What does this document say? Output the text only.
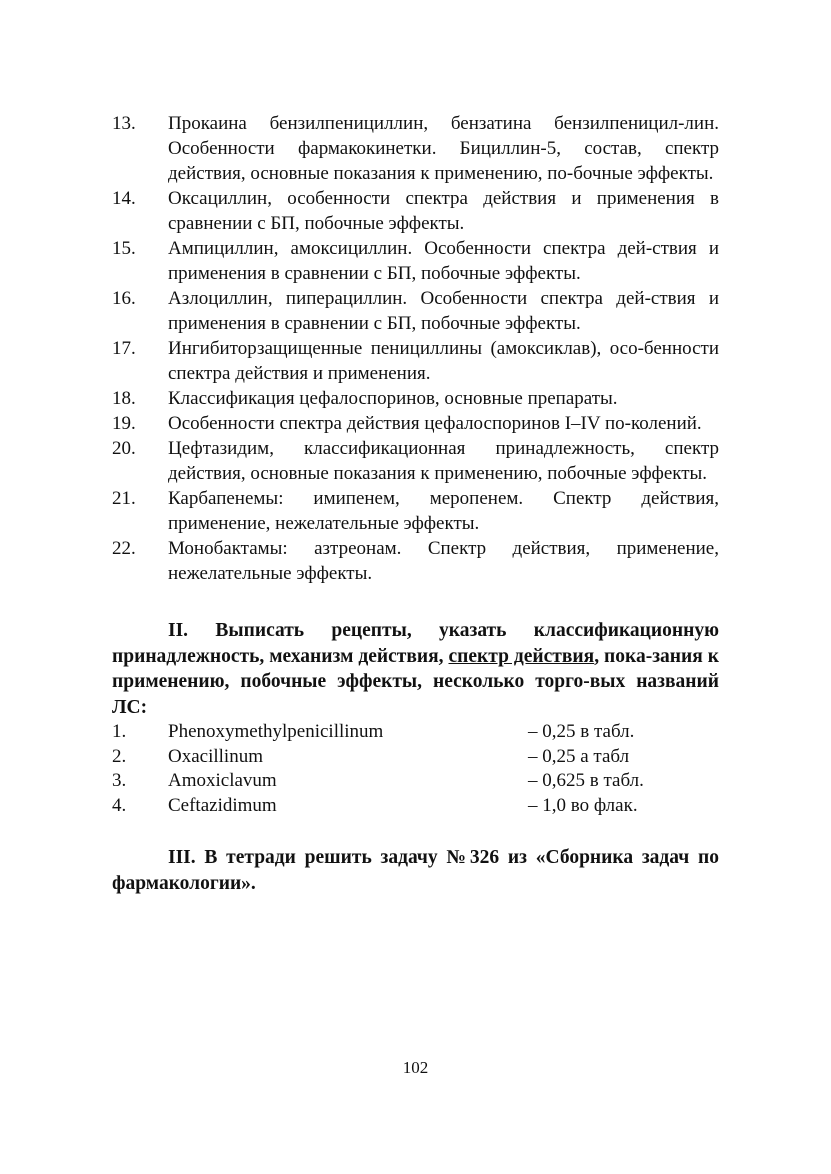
13.	Прокаина бензилпенициллин, бензатина бензилпеницил-лин. Особенности фармакокинетки. Бициллин-5, состав, спектр действия, основные показания к применению, по-бочные эффекты.
14.	Оксациллин, особенности спектра действия и применения в сравнении с БП, побочные эффекты.
15.	Ампициллин, амоксициллин. Особенности спектра дей-ствия и применения в сравнении с БП, побочные эффекты.
16.	Азлоциллин, пиперациллин. Особенности спектра дей-ствия и применения в сравнении с БП, побочные эффекты.
17.	Ингибиторзащищенные пенициллины (амоксиклав), осо-бенности спектра действия и применения.
18.	Классификация цефалоспоринов, основные препараты.
19.	Особенности спектра действия цефалоспоринов I–IV по-колений.
20.	Цефтазидим, классификационная принадлежность, спектр действия, основные показания к применению, побочные эффекты.
21.	Карбапенемы: имипенем, меропенем. Спектр действия, применение, нежелательные эффекты.
22.	Монобактамы: азтреонам. Спектр действия, применение, нежелательные эффекты.
II. Выписать рецепты, указать классификационную принадлежность, механизм действия, спектр действия, пока-зания к применению, побочные эффекты, несколько торго-вых названий ЛС:
1.	Phenoxymethylpenicillinum	– 0,25 в табл.
2.	Oxacillinum	– 0,25 а табл
3.	Amoxiclavum	– 0,625 в табл.
4.	Ceftazidimum	– 1,0 во флак.
III. В тетради решить задачу №326 из «Сборника задач по фармакологии».
102
